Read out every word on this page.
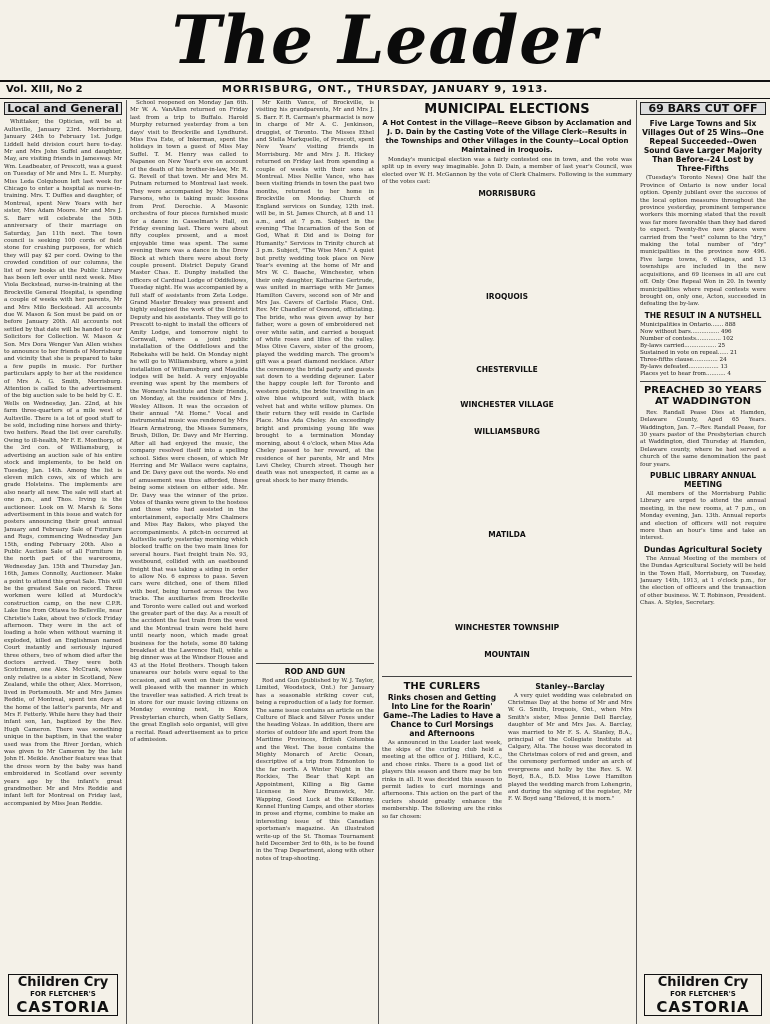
The Leader
Vol. XIII, No 2	MORRISBURG, ONT., THURSDAY, JANUARY 9, 1913.
Local and General
Whittaker, the Optician, will be at Aultsville, January 23rd. Morrisburg, January 24th to February 1st. Judge Liddell held division court here to-day. Mr and Mrs John Suffel and daughter, May, are visiting friends in Jamesway. Mr Wm. Leadbeater, of Prescott, was a guest on Tuesday of Mr and Mrs L. E. Murphy. Miss Leda Colquhoun left last week for Chicago to enter a hospital as nurse-in-training. Mrs. T. Duffies and daughter, of Montreal, spent New Years with her sister, Mrs Adam Moore. Mr and Mrs J. S. Barr will celebrate the 50th anniversary of their marriage on Saturday, Jan 11th next. The town council is seeking 100 cords of field stone for crushing purposes, for which they will pay $2 per cord. Owing to the crowded condition of our columns, the list of new books at the Public Library has been left over until next week. Miss Viola Beckstead, nurse-in-training at the Brockville General Hospital, is spending a couple of weeks with her parents, Mr and Mrs Milo Beckstead. All accounts due W. Mason & Son must be paid on or before January 20th. All accounts not settled by that date will be handed to our Solicitors for Collection. W. Mason & Son. Mrs Dora Wenger Van Allen wishes to announce to her friends of Morrisburg and vicinity that she is prepared to take a few pupils in music. For further particulars apply to her at the residence of Mrs A. G. Smith, Morrisburg. Attention is called to the advertisement of the big auction sale to be held by C. E. Wells on Wednesday, Jan. 22nd, at his farm three-quarters of a mile west of Aultsville. There is a lot of good stuff to be sold, including nine horses and thirty-two heifers. Read the list over carefully. Owing to ill-health, Mr F. E. Monthorp, of the 3rd con. of Williamsburg, is advertising an auction sale of his entire stock and implements, to be held on Tuesday, Jan. 14th. Among the list is eleven milch cows, six of which are grade Holsteins. The implements are also nearly all new. The sale will start at one p.m., and Thos. Irving is the auctioneer. Look on W. Marsh & Sons advertisement in this issue and watch for posters announcing their great annual January and February Sale of Furniture and Rugs, commencing Wednesday Jan 15th, ending February 20th. Also a Public Auction Sale of all Furniture in the north part of the warerooms, Wednesday Jan. 15th and Thursday Jan. 16th, James Connolly, Auctioneer. Make a point to attend this great Sale. This will be the greatest Sale on record. Three workmen were killed at Murdock's construction camp, on the new C.P.R. Lake line from Ottawa to Belleville, near Christie's Lake, about two o'clock Friday afternoon. They were in the act of loading a hole when without warning it exploded, killed an Englishman named Court instantly and seriously injured three others, two of whom died after the doctors arrived. They were both Scotchmen, one Alex. McCrank, whose only relative is a sister in Scotland, New Zealand, while the other, Alex. Morrison, lived in Portsmouth. Mr and Mrs James Reddie, of Montreal, spent ten days at the home of the latter's parents, Mr and Mrs F. Fetterly. While here they had their infant son, Ian, baptized by the Rev. Hugh Cameron. There was something unique in the baptism, in that the water used was from the River Jordan, which was given to Mr Cameron by the late John H. Meikle. Another feature was that the dress worn by the baby was hand embroidered in Scotland over seventy years ago by the infant's great grandmother. Mr and Mrs Reddie and infant left for Montreal on Friday last, accompanied by Miss Jean Reddie.
Children Cry
FOR FLETCHER'S
CASTORIA
School reopened on Monday Jan 6th. Mr W. A. VanAllen returned on Friday last from a trip to Buffalo. Harold Murphy returned yesterday from a ten days' visit to Brockville and Lyndhurst. Miss Eva Este, of Inkerman, spent the holidays in town a guest of Miss May Suffel. T. M. Henry was called to Napanee on New Year's eve on account of the death of his brother-in-law, Mr. R. G. Revell of that town. Mr and Mrs M. Putnam returned to Montreal last week. They were accompanied by Miss Edna Parsons, who is taking music lessons from Prof. Derochie. A Masonic orchestra of four pieces furnished music for a dance in Casselman's Hall, on Friday evening last. There were about fifty couples present, and a most enjoyable time was spent. The same evening there was a dance in the Drew Block at which there were about forty couple present. District Deputy Grand Master Chas. E. Dunphy installed the officers of Cardinal Lodge of Oddfellows, Tuesday night. He was accompanied by a full staff of assistants from Zeta Lodge. Grand Master Breakey was present and highly eulogized the work of the District Deputy and his assistants. They will go to Prescott to-night to install the officers of Amity Lodge, and tomorrow night to Cornwall, where a joint public installation of the Oddfellows and the Rebekahs will be held. On Monday night he will go to Williamsburg, where a joint installation of Williamsburg and Mauilda lodges will be held. A very enjoyable evening was spent by the members of the Women's Institute and their friends, on Monday, at the residence of Mrs J. Wesley Allison. It was the occasion of their annual "At Home." Vocal and instrumental music was rendered by Mrs Hearn Armstrong, the Misses Summers, Brush, Dillon, Dr. Davy and Mr Herring. After all had enjoyed the music, the company resolved itself into a spelling school. Sides were chosen, of which Mr Herring and Mr Wallace were captains, and Dr. Davy gave out the words. No end of amusement was thus afforded, these being some sixteen on either side. Mr. Dr. Davy was the winner of the prize. Votes of thanks were given to the hostess and those who had assisted in the entertainment, especially Mrs Chalmers and Miss Ray Bakes, who played the accompaniments. A pitch-in occurred at Aultsville early yesterday morning which blocked traffic on the two main lines for several hours. Fast freight train No. 93, westbound, collided with an eastbound freight that was taking a siding in order to allow No. 6 express to pass. Seven cars were ditched, one of them filled with beef, being turned across the two tracks. The auxiliaries from Brockville and Toronto were called out and worked the greater part of the day. As a result of the accident the fast train from the west and the Montreal train were held here until nearly noon, which made great business for the hotels, some 80 taking breakfast at the Lawrence Hall, while a big dinner was at the Windsor House and 43 at the Hotel Brothers. Though taken unawares our hotels were equal to the occasion, and all went on their journey well pleased with the manner in which the traveller was satisfied. A rich treat is in store for our music loving citizens on Monday evening next, in Knox Presbyterian church, when Gatty Sellars, the great English solo organist, will give a recital. Read advertisement as to price of admission.
Mr Keith Vance, of Brockville, is visiting his grandparents, Mr and Mrs J. S. Barr. F. R. Carman's pharmacist is now in charge of Mr A. C. Jenkinson, druggist, of Toronto. The Misses Ethel and Stella Markquelle, of Prescott, spent New Years' visiting friends in Morrisburg. Mr and Mrs J. R. Hickey returned on Friday last from spending a couple of weeks with their sons at Montreal. Miss Nellie Vance, who has been visiting friends in town the past two months, returned to her home in Brockville on Monday. Church of England services on Sunday, 12th inst. will be, in St. James Church, at 8 and 11 a.m., and at 7 p.m. Subject in the evening "The Incarnation of the Son of God, What it Did and is Doing for Humanity." Services in Trinity church at 3 p.m. Subject, "The Wise Men." A quiet but pretty wedding took place on New Year's evening at the home of Mr and Mrs W. C. Baache, Winchester, when their only daughter, Katharine Gertrude, was united in marriage with Mr James Hamilton Cavers, second son of Mr and Mrs Jas. Cavers of Carlisle Place, Ont. Rev. Mr Chandler of Osmond, officiating. The bride, who was given away by her father, wore a gown of embroidered net over white satin, and carried a bouquet of white roses and lilies of the valley. Miss Olive Cavers, sister of the groom, played the wedding march. The groom's gift was a pearl diamond necklace. After the ceremony the bridal party and guests sat down to a wedding dejeuner. Later the happy couple left for Toronto and western points, the bride travelling in an olive blue whipcord suit, with black velvet hat and white willow plumes. On their return they will reside in Carlisle Place. Miss Ada Cheley. An exceedingly bright and promising young life was brought to a termination Monday morning, about 4 o'clock, when Miss Ada Cheley passed to her reward, at the residence of her parents, Mr and Mrs Levi Cheley, Church street. Though her death was not unexpected, it came as a great shock to her many friends.
ROD AND GUN
Rod and Gun (published by W. J. Taylor, Limited, Woodstock, Ont.) for January has a seasonable striking cover cut, being a reproduction of a lady for former. The same issue contains an article on the Culture of Black and Silver Foxes under the heading Volzas. In addition, there are stories of outdoor life and sport from the Maritime Provinces, British Columbia and the West. The issue contains the Mighty Monarch of Arctic Ocean, descriptive of a trip from Edmonton to the far north. A Winter Night in the Rockies, The Bear that Kept an Appointment, Killing a Big Game Licensee in New Brunswick, Mr. Wapping, Good Luck at the Kilkenny. Kennel Hunting Camps, and other stories in prose and rhyme, combine to make an interesting issue of this Canadian sportsman's magazine. An illustrated write-up of the St. Thomas Tournament held December 3rd to 6th, is to be found in the Trap Department, along with other notes of trap-shooting.
MUNICIPAL ELECTIONS
A Hot Contest in the Village--Reeve Gibson by Acclamation and J. D. Dain by the Casting Vote of the Village Clerk--Results in the Townships and Other Villages in the County--Local Option Maintained in Iroquois.
Monday's municipal election was a fairly contested one in town, and the vote was split up in every way imaginable. John D. Dain, a member of last year's Council, was elected over W. H. McGannon by the vote of Clerk Chalmers. Following is the summary of the votes cast:
MORRISBURG
IROQUOIS
CHESTERVILLE
WINCHESTER VILLAGE
WILLIAMSBURG
MATILDA
WINCHESTER TOWNSHIP
MOUNTAIN
THE CURLERS
Rinks chosen and Getting Into Line for the Roarin' Game--The Ladies to Have a Chance to Curl Morsings and Afternoons
As announced in the Leader last week, the skips of the curling club held a meeting at the office of J. Hilliard, K.C., and chose rinks. There is a good list of players this season and there may be ten rinks in all. It was decided this season to permit ladies to curl mornings and afternoons. This action on the part of the curlers should greatly enhance the membership. The following are the rinks so far chosen:
Stanley--Barclay
A very quiet wedding was celebrated on Christmas Day at the home of Mr and Mrs W. G. Smith, Iroquois, Ont., when Mrs Smith's sister, Miss Jennie Dell Barclay, daughter of Mr and Mrs Jas. A. Barclay, was married to Mr F. S. A. Stanley, B.A., principal of the Collegiate Institute at Calgary, Alta. The house was decorated in the Christmas colors of red and green, and the ceremony performed under an arch of evergreens and holly by the Rev. S. W. Boyd, B.A., B.D. Miss Lowe Hamilton played the wedding march from Lohengrin, and during the signing of the register, Mr F. W. Boyd sang "Beloved, it is morn."
69 BARS CUT OFF
Five Large Towns and Six Villages Out of 25 Wins--One Repeal Succeeded--Owen Sound Gave Larger Majority Than Before--24 Lost by Three-Fifths
(Tuesday's Toronto News) One half the Province of Ontario is now under local option. Openly jubilant over the success of the local option measures throughout the province yesterday, prominent temperance workers this morning stated that the result was far more favorable than they had dared to expect. Twenty-five new places were carried from the "wet" column to the "dry," making the total number of "dry" municipalities in the province now 496. Five large towns, 6 villages, and 13 townships are included in the new acquisitions, and 69 licenses in all are cut off. Only One Repeal Won in 20. In twenty municipalities where repeal contests were brought on, only one, Acton, succeeded in defeating the by-law.
THE RESULT IN A NUTSHELL
Municipalities in Ontario....... 888
Now without bars................ 496
Number of contests.............. 102
By-laws carried.................. 25
Sustained in vote on repeal...... 21
Three-fifths clause.............. 24
By-laws defeated................. 13
Places yet to hear from........... 4
PREACHED 30 YEARS AT WADDINGTON
Rev. Randall Pease Dies at Hamden, Delaware County, Aged 65 Years. Waddington, Jan. 7.--Rev. Randall Pease, for 30 years pastor of the Presbyterian church at Waddington, died Thursday at Hamden, Delaware county, where he had served a church of the same denomination the past four years.
PUBLIC LIBRARY ANNUAL MEETING
All members of the Morrisburg Public Library are urged to attend the annual meeting, in the new rooms, at 7 p.m., on Monday evening, Jan. 13th. Annual reports and election of officers will not require more than an hour's time and take an interest.
Dundas Agricultural Society
The Annual Meeting of the members of the Dundas Agricultural Society will be held in the Town Hall, Morrisburg, on Tuesday, January 14th, 1913, at 1 o'clock p.m., for the election of officers and the transaction of other business. W. T. Robinson, President. Chas. A. Styles, Secretary.
Children Cry
FOR FLETCHER'S
CASTORIA
